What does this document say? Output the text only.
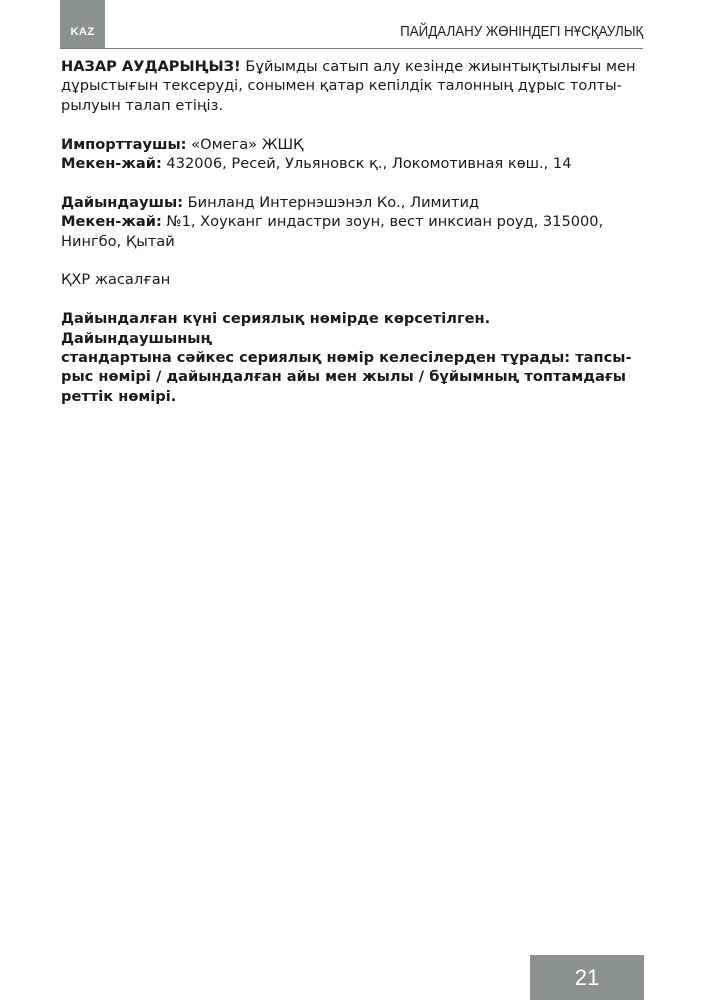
KAZ	ПАЙДАЛАНУ ЖӨНІНДЕГІ НҰСҚАУЛЫҚ

НАЗАР АУДАРЫҢЫЗ! Бұйымды сатып алу кезінде жиынтықтылығы мен
дұрыстығын тексеруді, сонымен қатар кепілдік талонның дұрыс толты-
рылуын талап етіңіз.

Импорттаушы: «Омега» ЖШҚ
Мекен-жай: 432006, Ресей, Ульяновск қ., Локомотивная көш., 14

Дайындаушы: Бинланд Интернэшэнэл Ко., Лимитид
Мекен-жай: №1, Хоуканг индастри зоун, вест инксиан роуд, 315000,
Нингбо, Қытай

ҚХР жасалған

Дайындалған күні сериялық нөмірде көрсетілген. Дайындаушының
стандартына сәйкес сериялық нөмір келесілерден тұрады: тапсы-
рыс нөмірі / дайындалған айы мен жылы / бұйымның топтамдағы
реттік нөмірі.

21
